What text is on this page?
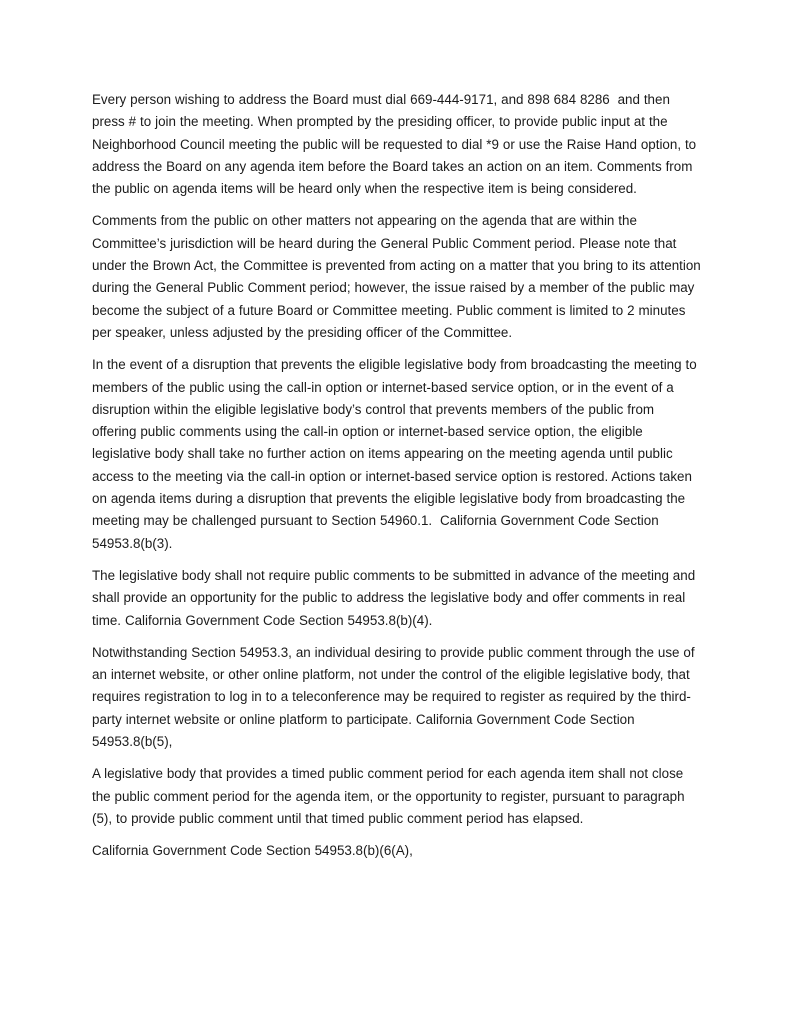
Every person wishing to address the Board must dial 669-444-9171, and 898 684 8286  and then press # to join the meeting. When prompted by the presiding officer, to provide public input at the Neighborhood Council meeting the public will be requested to dial *9 or use the Raise Hand option, to address the Board on any agenda item before the Board takes an action on an item. Comments from the public on agenda items will be heard only when the respective item is being considered.

Comments from the public on other matters not appearing on the agenda that are within the Committee’s jurisdiction will be heard during the General Public Comment period. Please note that under the Brown Act, the Committee is prevented from acting on a matter that you bring to its attention during the General Public Comment period; however, the issue raised by a member of the public may become the subject of a future Board or Committee meeting. Public comment is limited to 2 minutes per speaker, unless adjusted by the presiding officer of the Committee.

In the event of a disruption that prevents the eligible legislative body from broadcasting the meeting to members of the public using the call-in option or internet-based service option, or in the event of a disruption within the eligible legislative body’s control that prevents members of the public from offering public comments using the call-in option or internet-based service option, the eligible legislative body shall take no further action on items appearing on the meeting agenda until public access to the meeting via the call-in option or internet-based service option is restored. Actions taken on agenda items during a disruption that prevents the eligible legislative body from broadcasting the meeting may be challenged pursuant to Section 54960.1.  California Government Code Section 54953.8(b(3).

The legislative body shall not require public comments to be submitted in advance of the meeting and shall provide an opportunity for the public to address the legislative body and offer comments in real time. California Government Code Section 54953.8(b)(4).

Notwithstanding Section 54953.3, an individual desiring to provide public comment through the use of an internet website, or other online platform, not under the control of the eligible legislative body, that requires registration to log in to a teleconference may be required to register as required by the third-party internet website or online platform to participate. California Government Code Section 54953.8(b(5),

A legislative body that provides a timed public comment period for each agenda item shall not close the public comment period for the agenda item, or the opportunity to register, pursuant to paragraph (5), to provide public comment until that timed public comment period has elapsed.

California Government Code Section 54953.8(b)(6(A),
